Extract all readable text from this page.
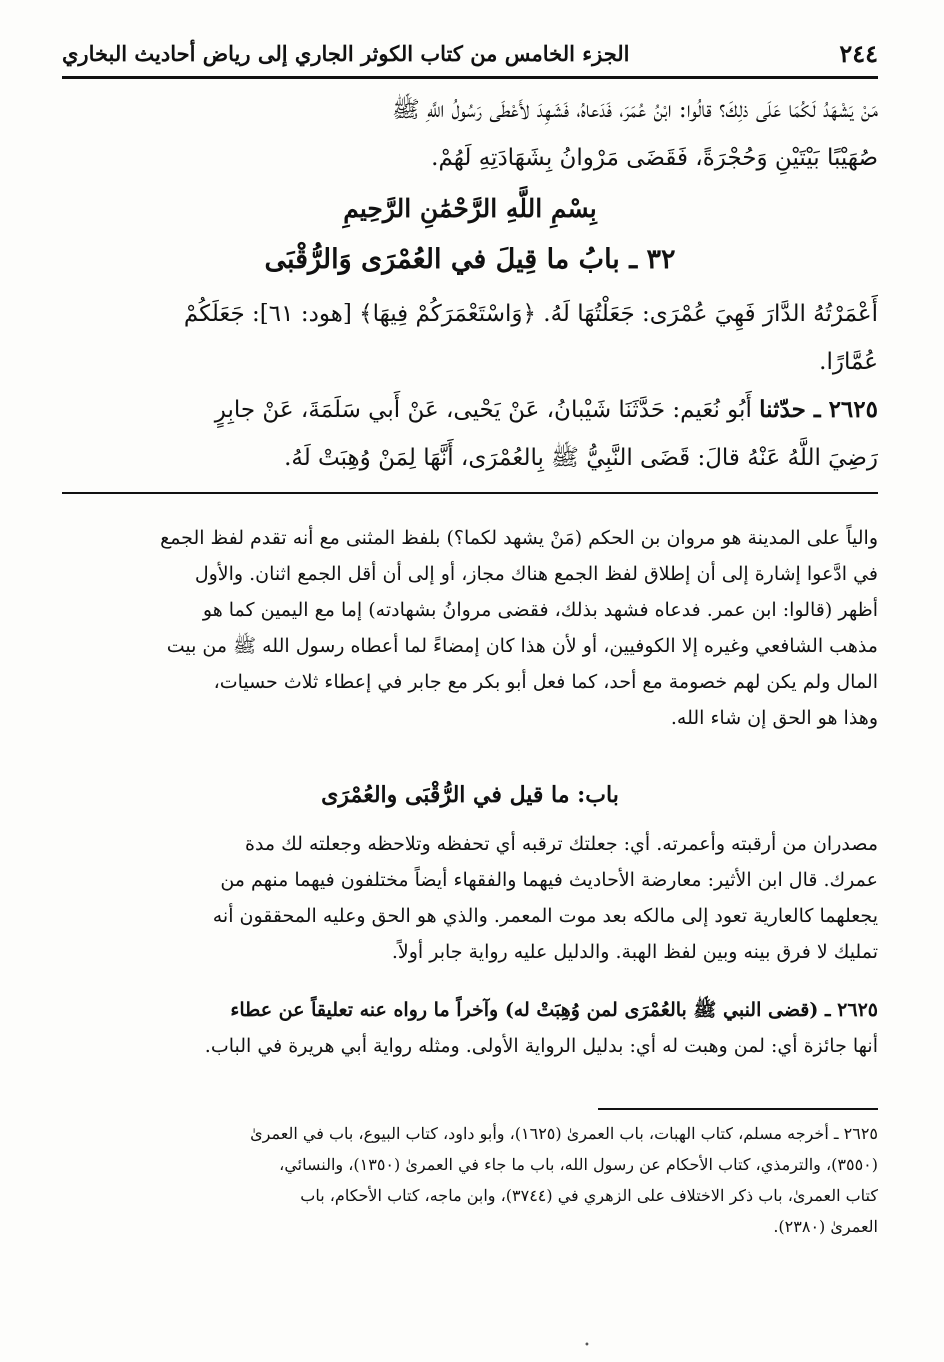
٢٤٤
الجزء الخامس من كتاب الكوثر الجاري إلى رياض أحاديث البخاري
مَنْ يَشْهَدُ لَكُمَا عَلَى ذلِكَ؟ قالُوا: ابْنُ عُمَرَ، فَدَعاهُ، فَشَهِدَ لأَعْطَى رَسُولُ اللَّهِ ﷺ
صُهَيْبًا بَيْتَيْنِ وَحُجْرَةً، فَقَضَى مَرْوانُ بِشَهَادَتِهِ لَهُمْ.
بِسْمِ اللَّهِ الرَّحْمَٰنِ الرَّحِيمِ
٣٢ ـ بابُ ما قِيلَ في العُمْرَى وَالرُّقْبَى
أَعْمَرْتُهُ الدَّارَ فَهِيَ عُمْرَى: جَعَلْتُهَا لَهُ. ﴿وَاسْتَعْمَرَكُمْ فِيهَا﴾ [هود: ٦١]: جَعَلَكُمْ
عُمَّارًا.
٢٦٢٥ ـ حدّثنا أَبُو نُعَيم: حَدَّثَنَا شَيْبانُ، عَنْ يَحْيى، عَنْ أَبي سَلَمَةَ، عَنْ جابِرٍ
رَضِيَ اللَّهُ عَنْهُ قالَ: قَضَى النَّبِيُّ ﷺ بِالعُمْرَى، أَنَّهَا لِمَنْ وُهِبَتْ لَهُ.
والياً على المدينة هو مروان بن الحكم (مَنْ يشهد لكما؟) بلفظ المثنى مع أنه تقدم لفظ الجمع
في ادَّعوا إشارة إلى أن إطلاق لفظ الجمع هناك مجاز، أو إلى أن أقل الجمع اثنان. والأول
أظهر (قالوا: ابن عمر. فدعاه فشهد بذلك، فقضى مروانُ بشهادته) إما مع اليمين كما هو
مذهب الشافعي وغيره إلا الكوفيين، أو لأن هذا كان إمضاءً لما أعطاه رسول الله ﷺ من بيت
المال ولم يكن لهم خصومة مع أحد، كما فعل أبو بكر مع جابر في إعطاء ثلاث حسيات،
وهذا هو الحق إن شاء الله.
باب: ما قيل في الرُّقْبَى والعُمْرَى
مصدران من أرقبته وأعمرته. أي: جعلتك ترقبه أي تحفظه وتلاحظه وجعلته لك مدة
عمرك. قال ابن الأثير: معارضة الأحاديث فيهما والفقهاء أيضاً مختلفون فيهما منهم من
يجعلهما كالعارية تعود إلى مالكه بعد موت المعمر. والذي هو الحق وعليه المحققون أنه
تمليك لا فرق بينه وبين لفظ الهبة. والدليل عليه رواية جابر أولاً.
٢٦٢٥ ـ (قضى النبي ﷺ بالعُمْرَى لمن وُهِبَتْ له) وآخراً ما رواه عنه تعليقاً عن عطاء
أنها جائزة أي: لمن وهبت له أي: بدليل الرواية الأولى. ومثله رواية أبي هريرة في الباب.
٢٦٢٥ ـ أخرجه مسلم، كتاب الهبات، باب العمرىٰ (١٦٢٥)، وأبو داود، كتاب البيوع، باب في العمرىٰ
(٣٥٥٠)، والترمذي، كتاب الأحكام عن رسول الله، باب ما جاء في العمرىٰ (١٣٥٠)، والنسائي،
كتاب العمرىٰ، باب ذكر الاختلاف على الزهري في (٣٧٤٤)، وابن ماجه، كتاب الأحكام، باب
العمرىٰ (٢٣٨٠).
•
